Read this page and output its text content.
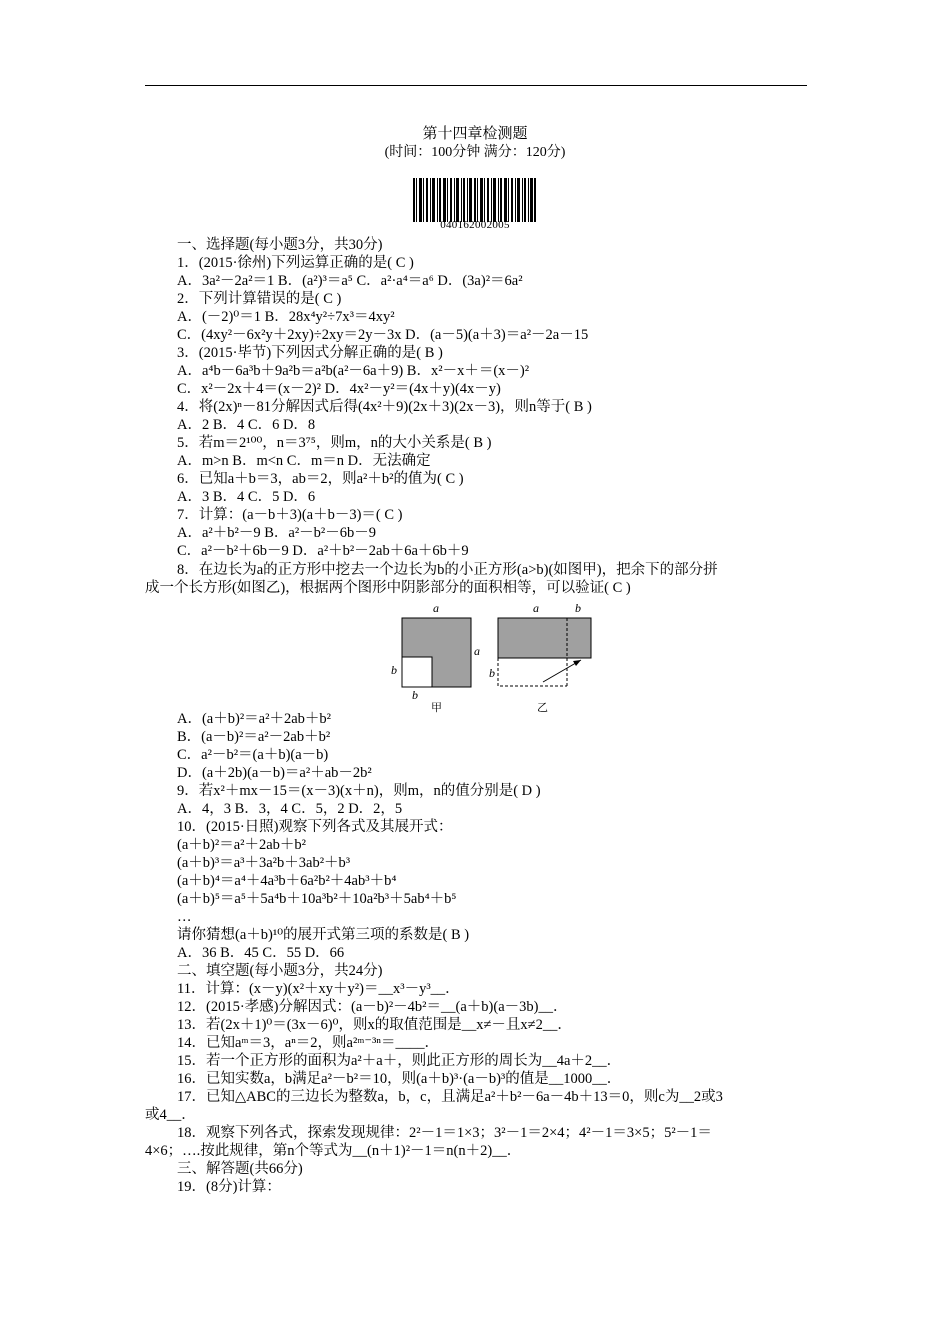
第十四章检测题
(时间：100分钟 满分：120分)
040162002005
一、选择题(每小题3分，共30分)
1．(2015·徐州)下列运算正确的是( C )
A．3a²－2a²＝1 B．(a²)³＝a⁵ C．a²·a⁴＝a⁶ D．(3a)²＝6a²
2．下列计算错误的是( C )
A．(－2)⁰＝1 B．28x⁴y²÷7x³＝4xy²
C．(4xy²－6x²y＋2xy)÷2xy＝2y－3x D．(a－5)(a＋3)＝a²－2a－15
3．(2015·毕节)下列因式分解正确的是( B )
A．a⁴b－6a³b＋9a²b＝a²b(a²－6a＋9) B．x²－x＋＝(x－)²
C．x²－2x＋4＝(x－2)² D．4x²－y²＝(4x＋y)(4x－y)
4．将(2x)ⁿ－81分解因式后得(4x²＋9)(2x＋3)(2x－3)，则n等于( B )
A．2 B．4 C．6 D．8
5．若m＝2¹⁰⁰，n＝3⁷⁵，则m，n的大小关系是( B )
A．m>n B．m<n C．m＝n D．无法确定
6．已知a＋b＝3，ab＝2，则a²＋b²的值为( C )
A．3 B．4 C．5 D．6
7．计算：(a－b＋3)(a＋b－3)＝( C )
A．a²＋b²－9 B．a²－b²－6b－9
C．a²－b²＋6b－9 D．a²＋b²－2ab＋6a＋6b＋9
8．在边长为a的正方形中挖去一个边长为b的小正方形(a>b)(如图甲)，把余下的部分拼
成一个长方形(如图乙)，根据两个图形中阴影部分的面积相等，可以验证( C )
A．(a＋b)²＝a²＋2ab＋b²
B．(a－b)²＝a²－2ab＋b²
C．a²－b²＝(a＋b)(a－b)
D．(a＋2b)(a－b)＝a²＋ab－2b²
9．若x²＋mx－15＝(x－3)(x＋n)，则m，n的值分别是( D )
A．4，3 B．3，4 C．5，2 D．2，5
10．(2015·日照)观察下列各式及其展开式：
(a＋b)²＝a²＋2ab＋b²
(a＋b)³＝a³＋3a²b＋3ab²＋b³
(a＋b)⁴＝a⁴＋4a³b＋6a²b²＋4ab³＋b⁴
(a＋b)⁵＝a⁵＋5a⁴b＋10a³b²＋10a²b³＋5ab⁴＋b⁵
…
请你猜想(a＋b)¹⁰的展开式第三项的系数是( B )
A．36 B．45 C．55 D．66
二、填空题(每小题3分，共24分)
11．计算：(x－y)(x²＋xy＋y²)＝__x³－y³__．
12．(2015·孝感)分解因式：(a－b)²－4b²＝__(a＋b)(a－3b)__．
13．若(2x＋1)⁰＝(3x－6)⁰，则x的取值范围是__x≠－且x≠2__．
14．已知aᵐ＝3，aⁿ＝2，则a²ᵐ⁻³ⁿ＝____．
15．若一个正方形的面积为a²＋a＋，则此正方形的周长为__4a＋2__．
16．已知实数a，b满足a²－b²＝10，则(a＋b)³·(a－b)³的值是__1000__．
17．已知△ABC的三边长为整数a，b，c，且满足a²＋b²－6a－4b＋13＝0，则c为__2或3
或4__．
18．观察下列各式，探索发现规律：2²－1＝1×3；3²－1＝2×4；4²－1＝3×5；5²－1＝
4×6；….按此规律，第n个等式为__(n＋1)²－1＝n(n＋2)__．
三、解答题(共66分)
19．(8分)计算：
a
a
b
b
甲
a	b
b
乙
